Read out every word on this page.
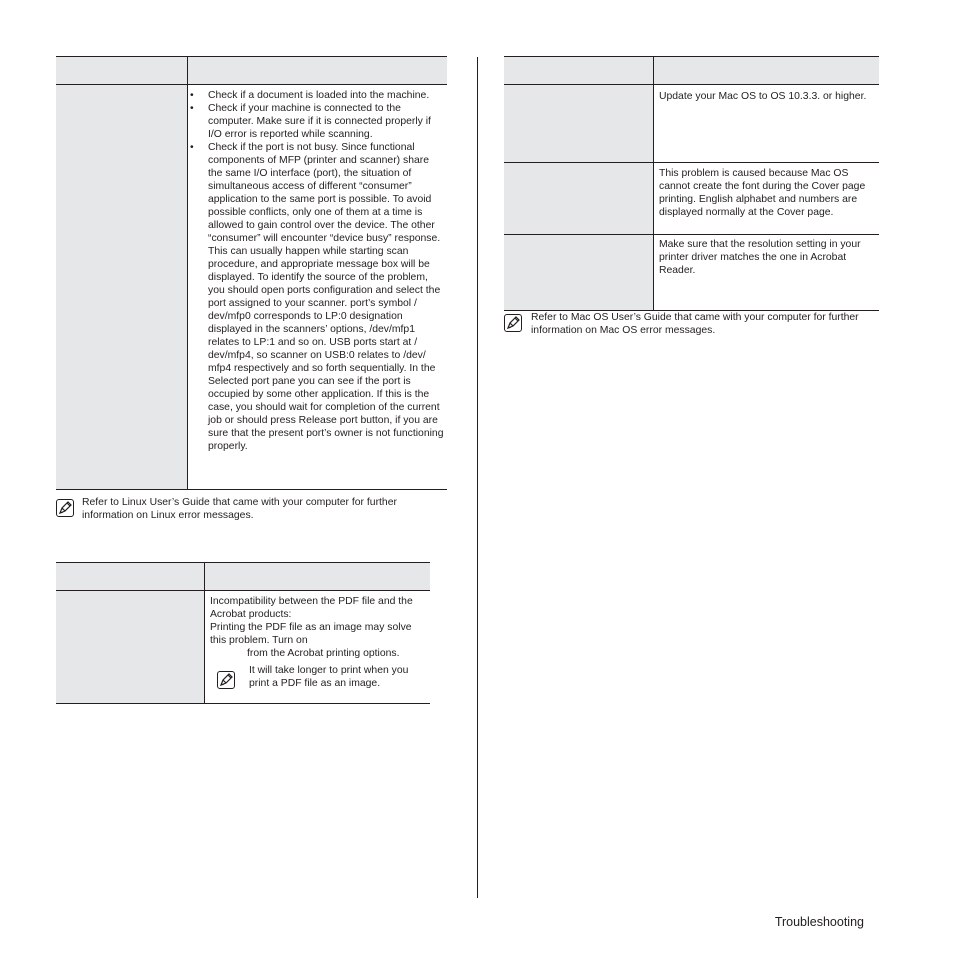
• Check if a document is loaded into the machine.
• Check if your machine is connected to the computer. Make sure if it is connected properly if I/O error is reported while scanning.
• Check if the port is not busy. Since functional components of MFP (printer and scanner) share the same I/O interface (port), the situation of simultaneous access of different “consumer” application to the same port is possible. To avoid possible conflicts, only one of them at a time is allowed to gain control over the device. The other “consumer” will encounter “device busy” response. This can usually happen while starting scan procedure, and appropriate message box will be displayed. To identify the source of the problem, you should open ports configuration and select the port assigned to your scanner. port’s symbol / dev/mfp0 corresponds to LP:0 designation displayed in the scanners’ options, /dev/mfp1 relates to LP:1 and so on. USB ports start at / dev/mfp4, so scanner on USB:0 relates to /dev/ mfp4 respectively and so forth sequentially. In the Selected port pane you can see if the port is occupied by some other application. If this is the case, you should wait for completion of the current job or should press Release port button, if you are sure that the present port’s owner is not functioning properly.

Refer to Linux User’s Guide that came with your computer for further information on Linux error messages.

Incompatibility between the PDF file and the Acrobat products:

Printing the PDF file as an image may solve this problem. Turn on

from the Acrobat printing options.

It will take longer to print when you print a PDF file as an image.

Update your Mac OS to OS 10.3.3. or higher.

This problem is caused because Mac OS cannot create the font during the Cover page printing. English alphabet and numbers are displayed normally at the Cover page.

Make sure that the resolution setting in your printer driver matches the one in Acrobat Reader.

Refer to Mac OS User’s Guide that came with your computer for further information on Mac OS error messages.

Troubleshooting
